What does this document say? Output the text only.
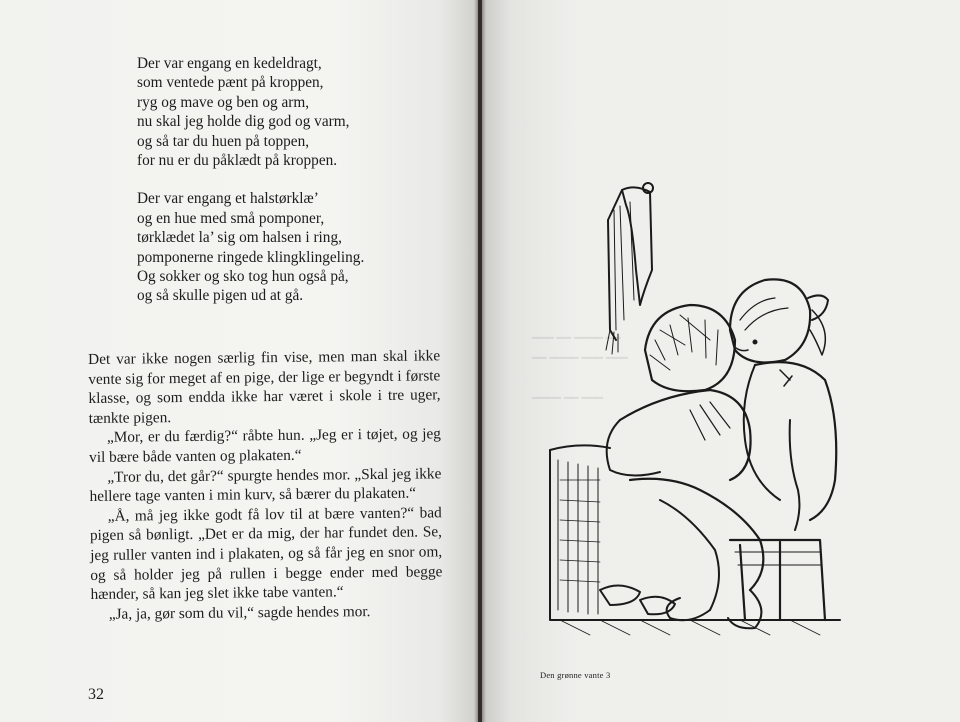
Der var engang en kedeldragt,
som ventede pænt på kroppen,
ryg og mave og ben og arm,
nu skal jeg holde dig god og varm,
og så tar du huen på toppen,
for nu er du påklædt på kroppen.
Der var engang et halstørklæ’
og en hue med små pomponer,
tørklædet la’ sig om halsen i ring,
pomponerne ringede klingklingeling.
Og sokker og sko tog hun også på,
og så skulle pigen ud at gå.

Det var ikke nogen særlig fin vise, men man skal ikke vente sig for meget af en pige, der lige er begyndt i første klasse, og som endda ikke har været i skole i tre uger, tænkte pigen.

„Mor, er du færdig?“ råbte hun. „Jeg er i tøjet, og jeg vil bære både vanten og plakaten.“

„Tror du, det går?“ spurgte hendes mor. „Skal jeg ikke hellere tage vanten i min kurv, så bærer du plakaten.“

„Å, må jeg ikke godt få lov til at bære vanten?“ bad pigen så bønligt. „Det er da mig, der har fundet den. Se, jeg ruller vanten ind i plakaten, og så får jeg en snor om, og så holder jeg på rullen i begge ender med begge hænder, så kan jeg slet ikke tabe vanten.“

„Ja, ja, gør som du vil,“ sagde hendes mor.

32
━━━ ━━ ━━━━ ━━
━━ ━━━━ ━━━ ━━━
━━━━ ━━ ━━━
Den grønne vante 3
